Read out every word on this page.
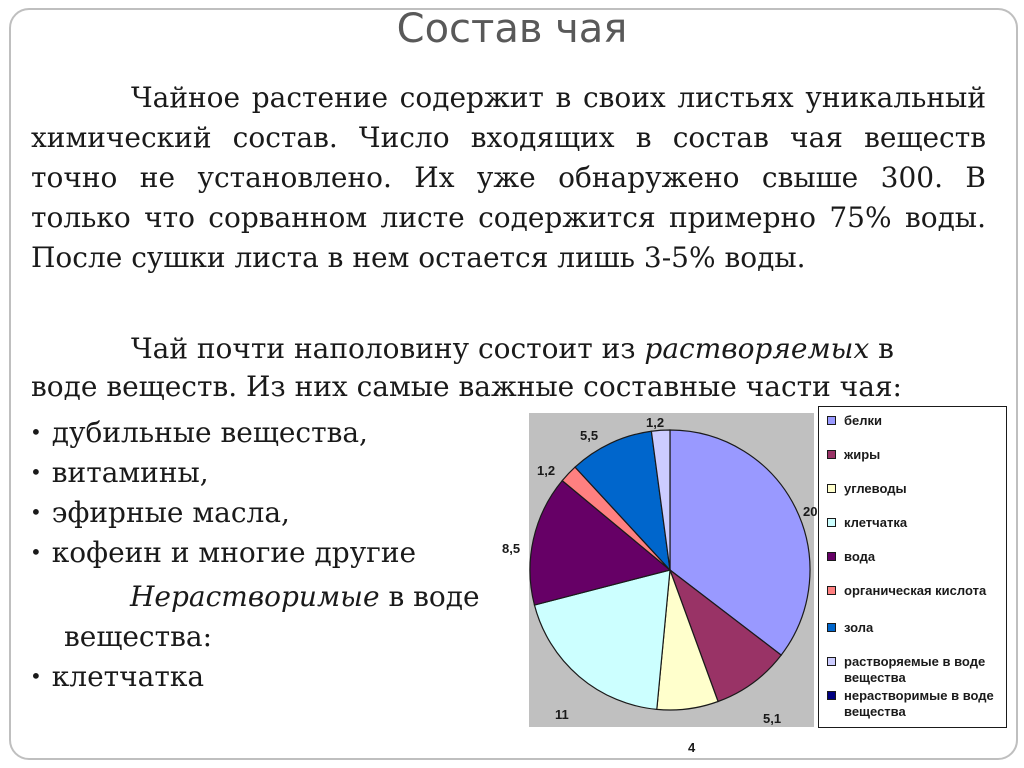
Состав чая

Чайное растение содержит в своих листьях уникальный химический состав. Число входящих в состав чая веществ точно не установлено. Их уже обнаружено свыше 300. В только что сорванном листе содержится примерно 75% воды. После сушки листа в нем остается лишь 3-5% воды.

Чай почти наполовину состоит из растворяемых в воде веществ. Из них самые важные составные части чая:

• дубильные вещества,
• витамины,
• эфирные масла,
• кофеин и многие другие
Нерастворимые в воде
вещества:
• клетчатка
20
5,1
4
11
8,5
1,2
5,5
1,2	белки
жиры
углеводы
клетчатка
вода
органическая кислота
зола
растворяемые в воде вещества
нерастворимые в воде вещества
